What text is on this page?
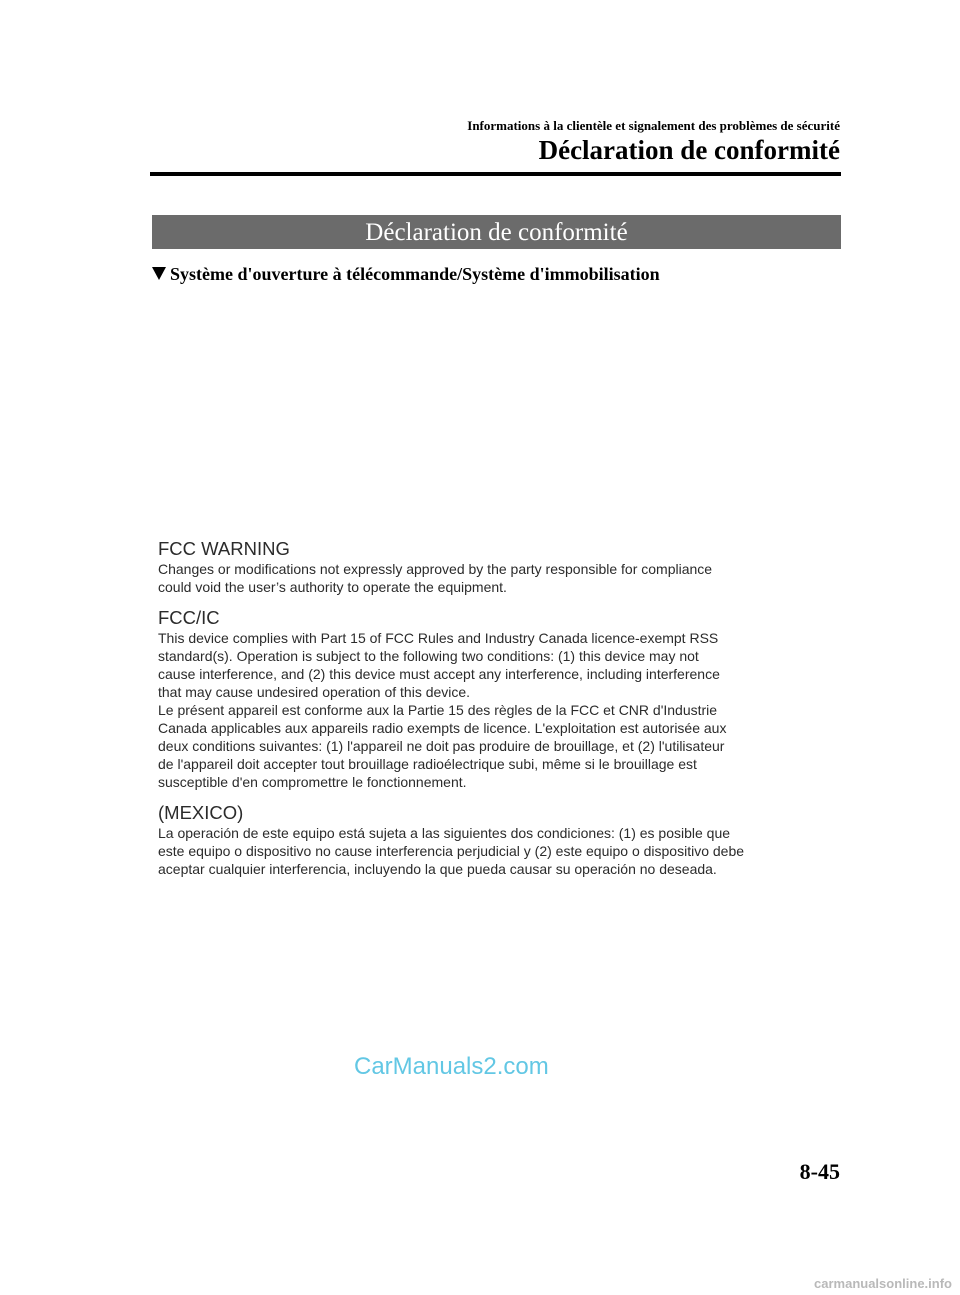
Informations à la clientèle et signalement des problèmes de sécurité
Déclaration de conformité
Déclaration de conformité
Système d'ouverture à télécommande/Système d'immobilisation
FCC WARNING

Changes or modifications not expressly approved by the party responsible for compliance

could void the user’s authority to operate the equipment.

FCC/IC

This device complies with Part 15 of FCC Rules and Industry Canada licence-exempt RSS

standard(s). Operation is subject to the following two conditions: (1) this device may not

cause interference, and (2) this device must accept any interference, including interference

that may cause undesired operation of this device.

Le présent appareil est conforme aux la Partie 15 des règles de la FCC et CNR d'Industrie

Canada applicables aux appareils radio exempts de licence. L'exploitation est autorisée aux

deux conditions suivantes: (1) l'appareil ne doit pas produire de brouillage, et (2) l'utilisateur

de l'appareil doit accepter tout brouillage radioélectrique subi, même si le brouillage est

susceptible d'en compromettre le fonctionnement.

(MEXICO)

La operación de este equipo está sujeta a las siguientes dos condiciones: (1) es posible que

este equipo o dispositivo no cause interferencia perjudicial y (2) este equipo o dispositivo debe

aceptar cualquier interferencia, incluyendo la que pueda causar su operación no deseada.

CarManuals2.com
8-45
carmanualsonline.info
